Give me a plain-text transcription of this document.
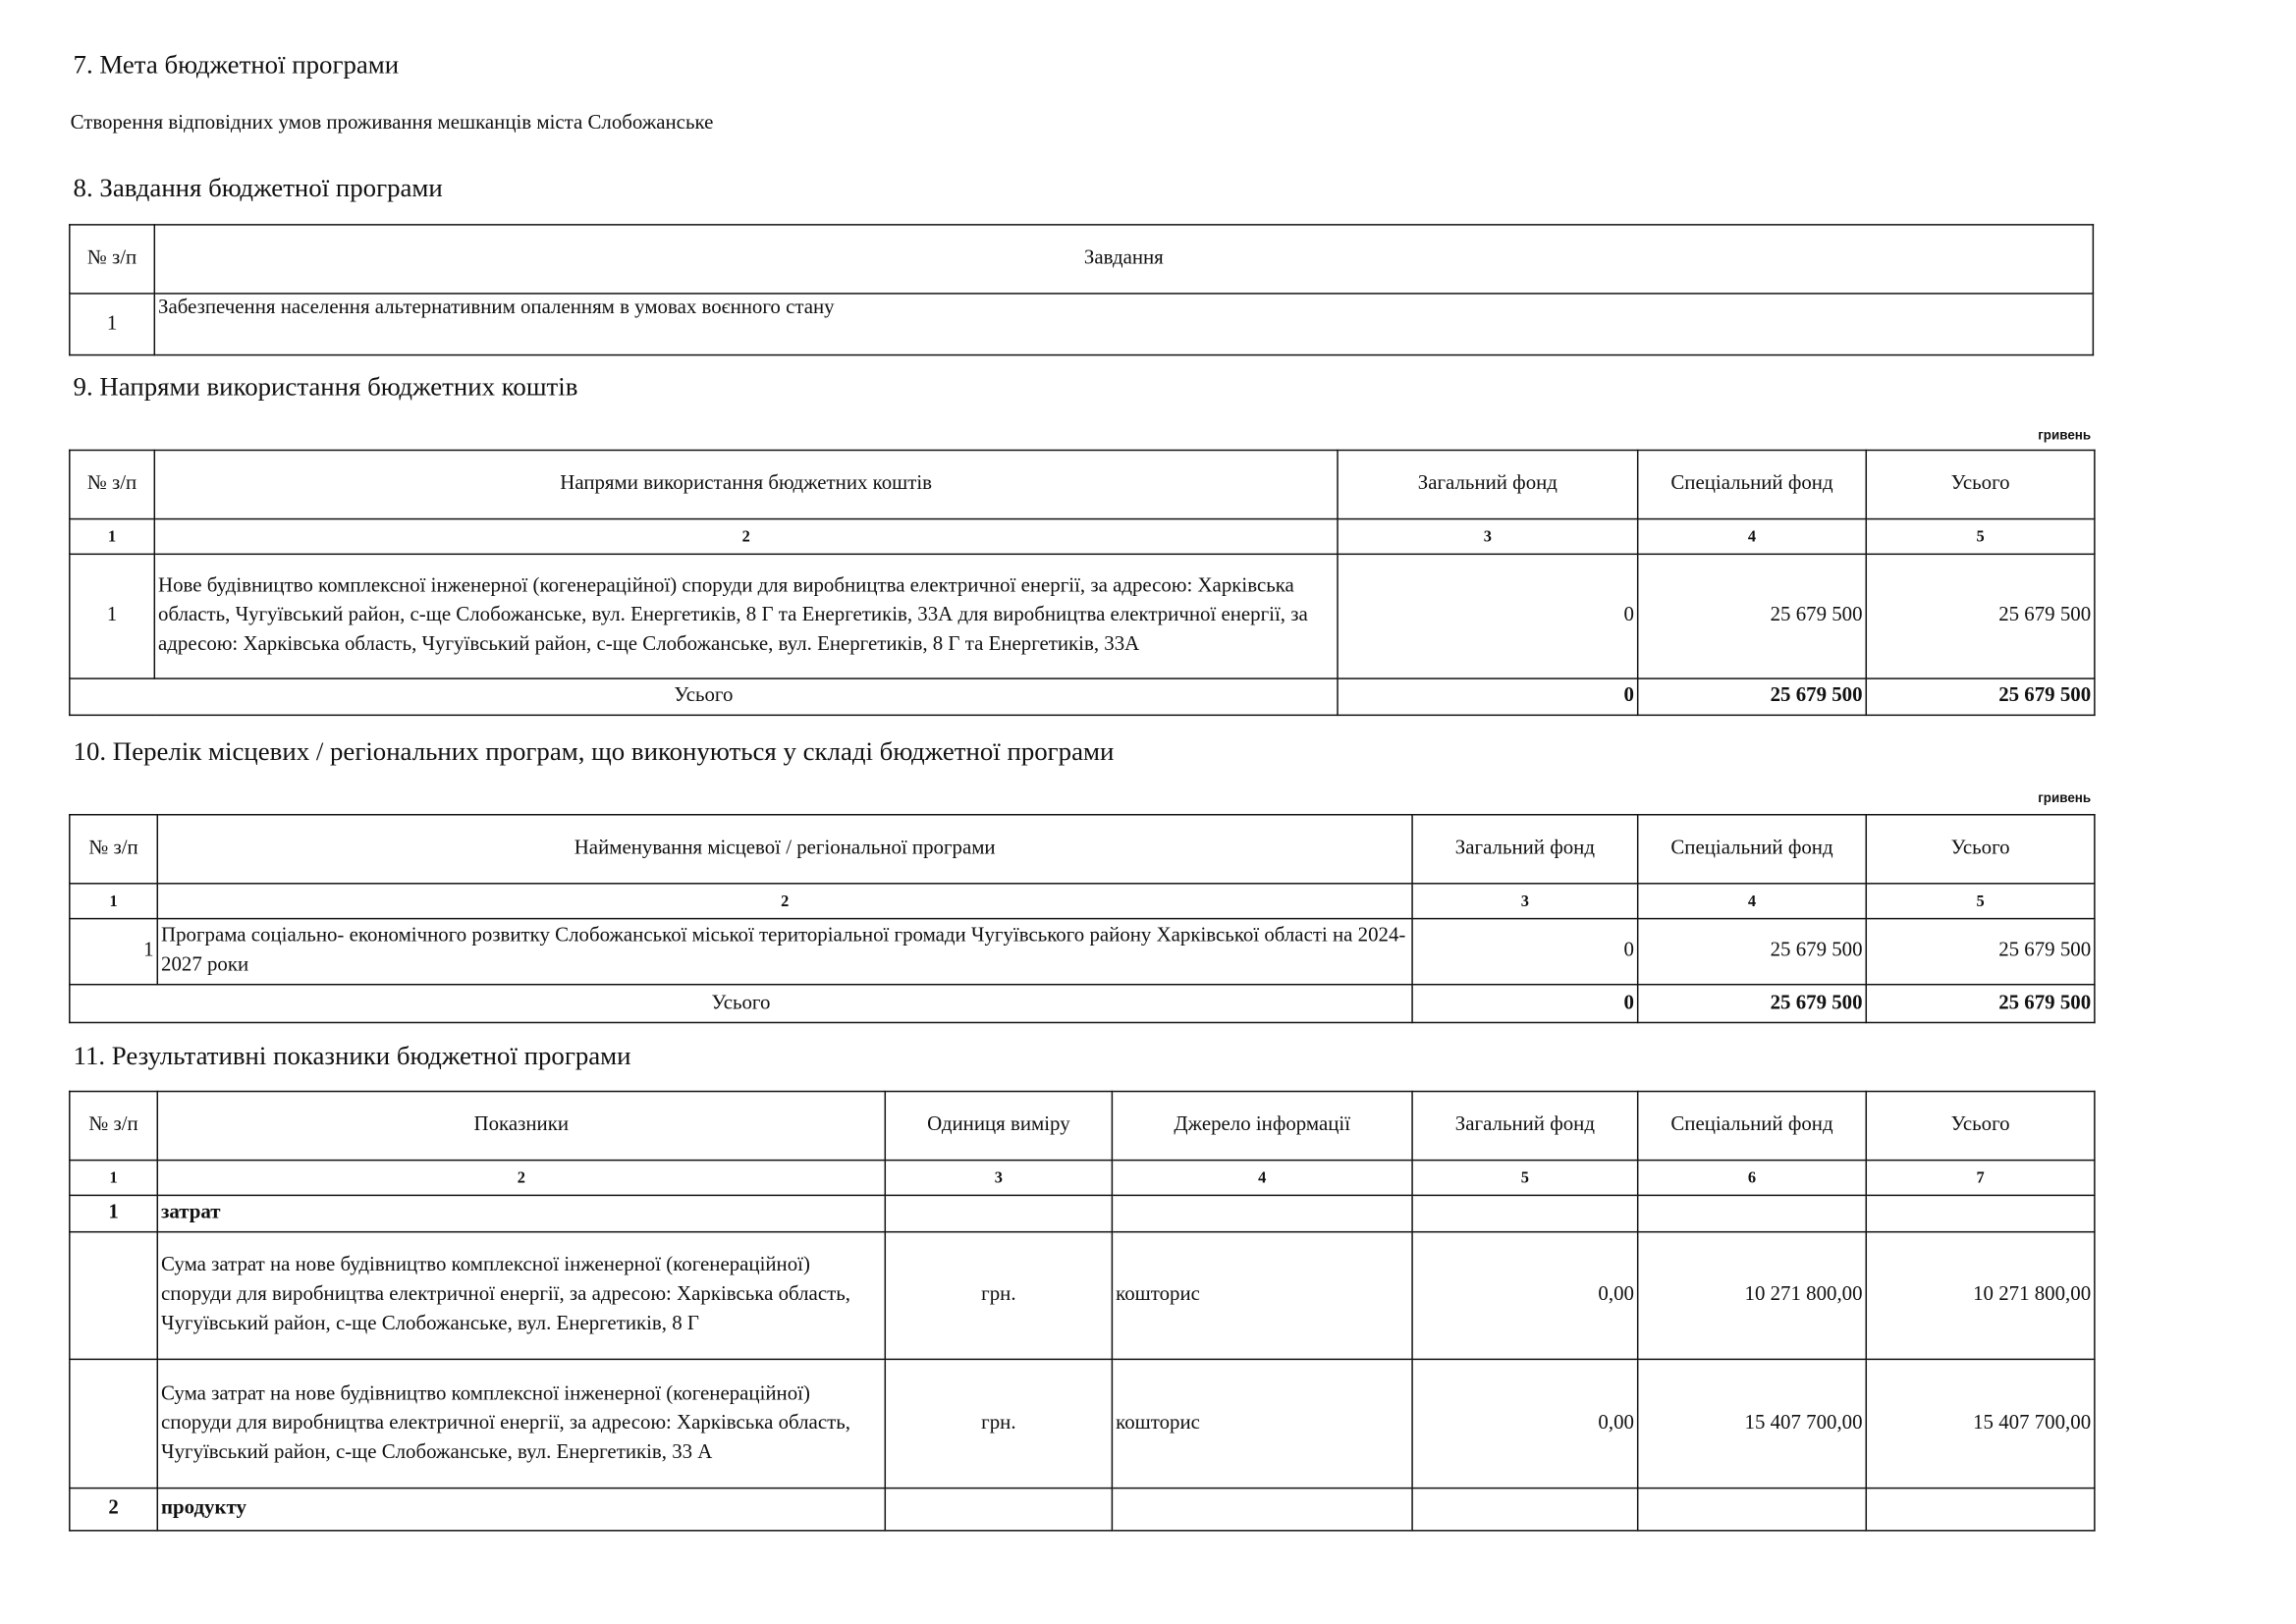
7. Мета бюджетної програми
Створення відповідних умов проживання мешканців міста Слобожанське
8. Завдання бюджетної програми
№ з/п	Завдання
1	Забезпечення населення альтернативним опаленням в умовах воєнного стану
9. Напрями використання бюджетних коштів
гривень
№ з/п	Напрями використання бюджетних коштів	Загальний фонд	Спеціальний фонд	Усього
1	2	3	4	5
1	Нове будівництво комплексної інженерної (когенераційної) споруди для виробництва електричної енергії, за адресою: Харківська область, Чугуївський район, с-ще Слобожанське, вул. Енергетиків, 8 Г та Енергетиків, 33А для виробництва електричної енергії, за адресою: Харківська область, Чугуївський район, с-ще Слобожанське, вул. Енергетиків, 8 Г та Енергетиків, 33А	0	25 679 500	25 679 500
Усього		0	25 679 500	25 679 500
10. Перелік місцевих / регіональних програм, що виконуються у складі бюджетної програми
гривень
№ з/п	Найменування місцевої / регіональної програми	Загальний фонд	Спеціальний фонд	Усього
1	2	3	4	5
1	Програма соціально- економічного розвитку Слобожанської міської територіальної громади Чугуївського району Харківської області на 2024- 2027 роки	0	25 679 500	25 679 500
Усього		0	25 679 500	25 679 500
11. Результативні показники бюджетної програми
№ з/п	Показники	Одиниця виміру	Джерело інформації	Загальний фонд	Спеціальний фонд	Усього
1	2	3	4	5	6	7
1	затрат					
	Сума затрат на нове будівництво комплексної інженерної (когенераційної) споруди для виробництва електричної енергії, за адресою: Харківська область, Чугуївський район, с-ще Слобожанське, вул. Енергетиків, 8 Г	грн.	кошторис	0,00	10 271 800,00	10 271 800,00
	Сума затрат на нове будівництво комплексної інженерної (когенераційної) споруди для виробництва електричної енергії, за адресою: Харківська область, Чугуївський район, с-ще Слобожанське, вул. Енергетиків, 33 А	грн.	кошторис	0,00	15 407 700,00	15 407 700,00
2	продукту					
